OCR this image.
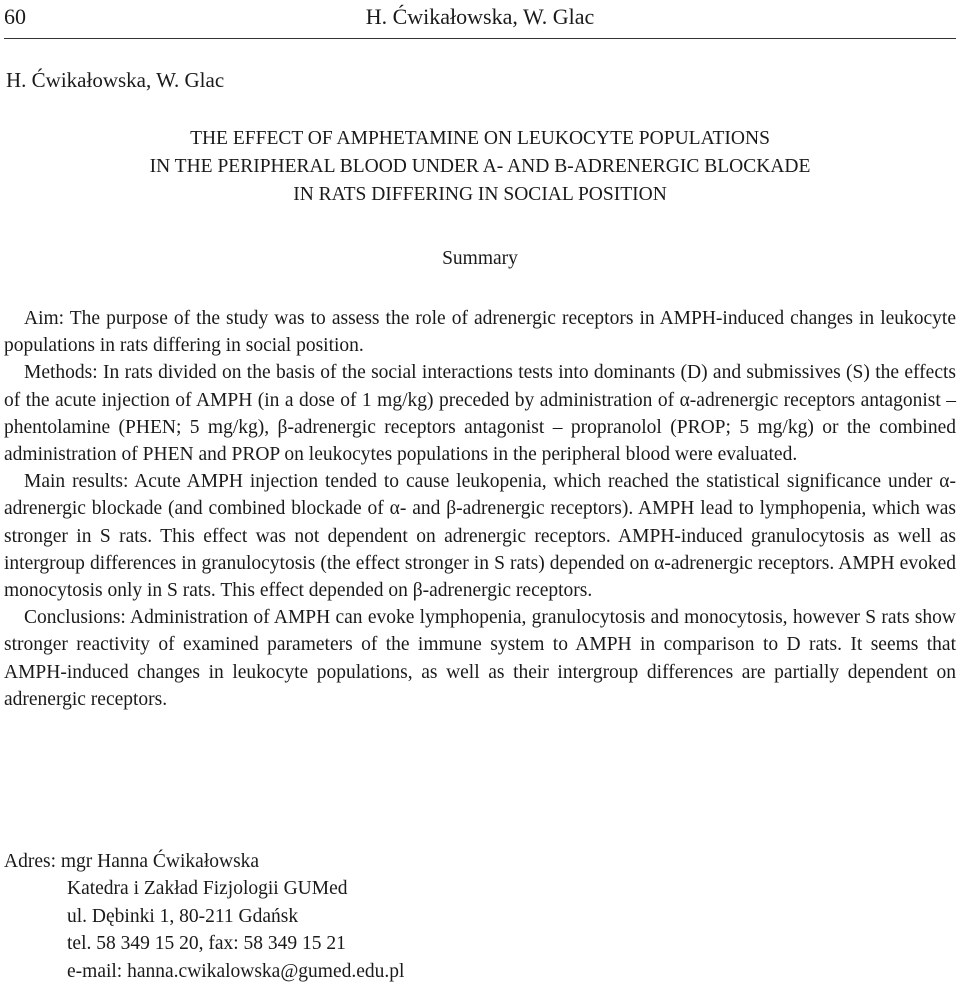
60	H. Ćwikałowska, W. Glac
H. Ćwikałowska, W. Glac
THE EFFECT OF AMPHETAMINE ON LEUKOCYTE POPULATIONS
IN THE PERIPHERAL BLOOD UNDER A- AND B-ADRENERGIC BLOCKADE
IN RATS DIFFERING IN SOCIAL POSITION
Summary

Aim: The purpose of the study was to assess the role of adrenergic receptors in AMPH-induced changes in leukocyte populations in rats differing in social position.

Methods: In rats divided on the basis of the social interactions tests into dominants (D) and submissives (S) the effects of the acute injection of AMPH (in a dose of 1 mg/kg) preceded by administration of α-adrenergic receptors antagonist – phentolamine (PHEN; 5 mg/kg), β-adrenergic receptors antagonist – propranolol (PROP; 5 mg/kg) or the combined administration of PHEN and PROP on leukocytes populations in the peripheral blood were evaluated.

Main results: Acute AMPH injection tended to cause leukopenia, which reached the statistical significance under α-adrenergic blockade (and combined blockade of α- and β-adrenergic receptors). AMPH lead to lymphopenia, which was stronger in S rats. This effect was not dependent on adrenergic receptors. AMPH-induced granulocytosis as well as intergroup differences in granulocytosis (the effect stronger in S rats) depended on α-adrenergic receptors. AMPH evoked monocytosis only in S rats. This effect depended on β-adrenergic receptors.

Conclusions: Administration of AMPH can evoke lymphopenia, granulocytosis and monocytosis, however S rats show stronger reactivity of examined parameters of the immune system to AMPH in comparison to D rats. It seems that AMPH-induced changes in leukocyte populations, as well as their intergroup differences are partially dependent on adrenergic receptors.

Adres: mgr Hanna Ćwikałowska
Katedra i Zakład Fizjologii GUMed
ul. Dębinki 1, 80-211 Gdańsk
tel. 58 349 15 20, fax: 58 349 15 21
e-mail: hanna.cwikalowska@gumed.edu.pl
